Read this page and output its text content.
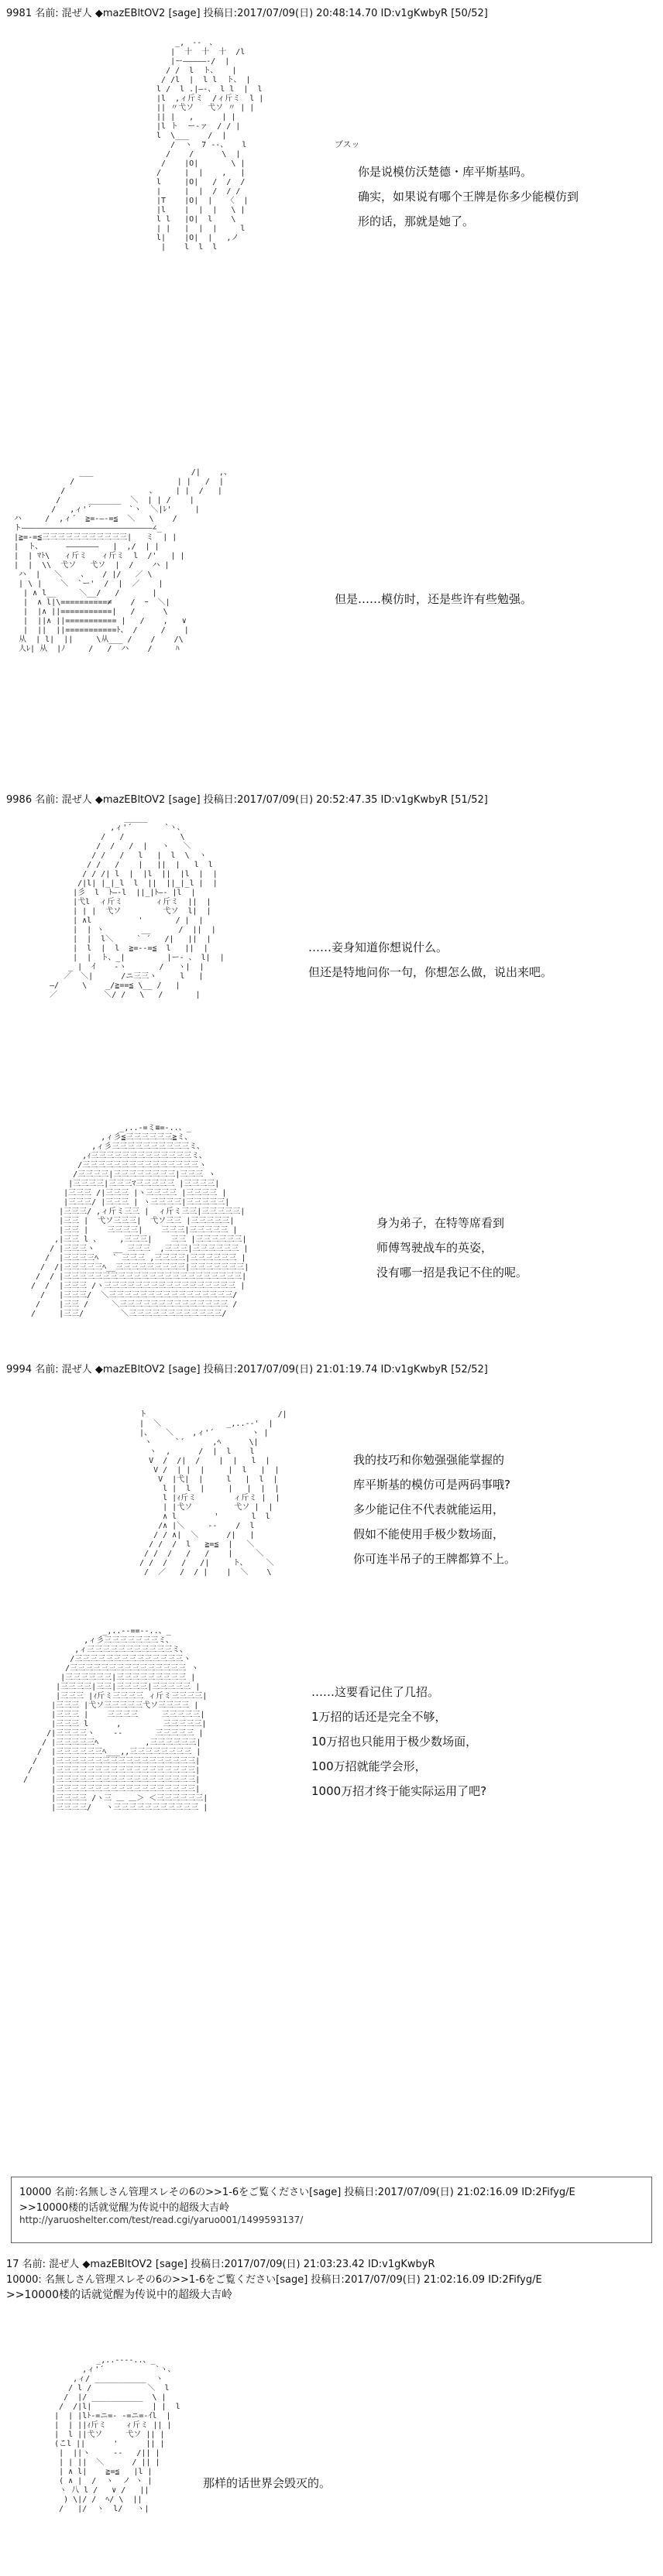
9981 名前: 混ぜ人 ◆mazEBltOV2 [sage] 投稿日:2017/07/09(日) 20:48:14.70 ID:v1gKwbyR [50/52]
_,　--　、
|  十  十  十  /l
|ー―――――‐/  |
/ /  l  ト、   |
/ /l  |  l l  ト、 |
l /  l .|―-、 l l  |  l
|l  ,ィ斤ミ  /ィ斤ミ  l |
|| 〃弋ソ   弋ソ 〃 | |
|| |   ,      | |
|l ト  ー‐ァ  / / |
l  \___    /  |
/  ヽ  7 ‐-、   l
/    /      \  |
/    |O|       \ |
/     |  |    ,   |
l     |O|   /  /  /
|     |  |  /  / /
|T    |O|  |   〈  |
|l    |  |  |   \ |
l l   |O|  l    \
| |   |  |  |     l
l|    |O|  |   ,ノ
|    l  l  l
ブスッ
你是说模仿沃楚德・库平斯基吗。
确实，如果说有哪个王牌是你多少能模仿到
形的话，那就是她了。
___                     /|    ,、
/                      | |   /  |
/                  、    | |  /   |
/      _______  ＼  | | /    |
/   ,ィ'´        `ヽ  ＼|ﾚ'     |
ハ     /  ,ィ´  ≧=-―-=≦  ＼   \    /
ト――――――――――――――――――――――――――――∠_
|≧=-=≦三三三三三三三三三三三|   ミ  | |
|  ト、     ―――――――   |  ,/  | |
|  | ﾏﾄ\   ィ斤ミ   ィ斤ミ  l  /'   | |
|  |  \\  弋ソ   弋ソ  |  /    ハ |
ハ  |   ＼    、   / |/   ／ \
| \ |    ＼  `ー'  /  |  ／    |
| ∧ l__     ＼__/   /       |
|  ∧ l|\==========≠    /  ｰ  ＼|
|  |∧ ||===========|   /      \
|  ||∧ ||=========== |   /    ,   ∨
|  ||  ||===========ﾄ、 /     /    |
从  | l|  ||     \从___ /    /    /\
人ﾚ| 从  |ﾉ     /   /  ハ    /     ﾊ
但是……模仿时，还是些许有些勉强。
9986 名前: 混ぜ人 ◆mazEBltOV2 [sage] 投稿日:2017/07/09(日) 20:52:47.35 ID:v1gKwbyR [51/52]
_____
,ィ'´       `ヽ、
/   /            \
/  /   /  |   ヽ   ＼
/ /   /   l   |  l  \  ヽ
/ /   /    |   ||  |   l  l
/ / /| l  |  |l  ||  |l  |  |
/|l| |_|_l  l  ||  ||_|_l |  |
|彡  l  ﾄ―‐l  ||_|ﾄ―‐ |l  |
|弋l  ィ斤ミ       ィ斤ミ  ||  |
| | |  弋ソ         弋ソ  l|  |
| ∧l          '       / |  |
|  | ヽ        __      /  ||  |
|  |  l＼     ` ´   /|   ||  |
|  l  |  l  ≧=-‐=≦  l   ||  |
|  |  ト、_|         |ー- 、 l|  |
_ |  ｲ    ‐ヽ       /   ヽ|  |
／  ＼|      /ニ三三ヽ     l   |
―/     \    _/≧==≦ \__ /   |
／          ＼/ /   \   /       |
……妾身知道你想说什么。
但还是特地问你一句，你想怎么做，说出来吧。
_,..-=ミ≡=-..、_
,ィ彡≦三三三三三三≧ミ、
,ィ彡三三三三三三三三三三ミ、
,ｨ三三三三三三三三三三三三三ミ、
/三三三三三三三三三三三三三三三ヽ
/三三三三|三三三三三三三三|三三三 ヽ
|三三三三|三三三ﾏ三三三三三 |三三三三|
|三三三 /|三三三 |ヽ三三三三 |三三三三 |
|三三三/ |三三三 | ヽ三三三三|三三三三三|
|三三三/ ,ィ斤ミ三三 |  ィ斤ミ三三|三三三三三|
|三三 |  弋ソ三三三|  弋ソ三三 |三三三三三|
|三三 |    三三三三|    三三三|三三三三三 |
,|三三 l 、    ,三三三|    三三 |三三三三三三|
/ |三三三ヽ    __ 三三三  ,三三三|三三三三三三 |
/  |三三三三ﾍ   ` 三三三 ,三三三三|三三三三三三 |
/  /|三三三三三ﾍ__三三三三三三三三三|三三三三三三三|
/  / |三三三三三三三三三三三三三三三三三三三三三三三|
/  /  |三三三 /ヽ三三三三三三三三三三三三三三三三三 |
/   |三三三/  ＼三三三三三三三三三三三三三三三三/
/    |三三 /     ＼三三三三三三三三三三三三三三 /
/     |三三/        ＼三三三三三三三三三三三三/
身为弟子，在特等席看到
师傅驾驶战车的英姿，
没有哪一招是我记不住的呢。
9994 名前: 混ぜ人 ◆mazEBltOV2 [sage] 投稿日:2017/07/09(日) 21:01:19.74 ID:v1gKwbyR [52/52]
ト                            /|
|  ＼              _,..-‐'  |
|、   ＼    ,ィ'´        ヽ |
ヽ     `´      ,ﾍ      \|
ヽ  ,      /  |  l    l
V  /  /|  /    |  |   l  |
V /  | |  |     |  l   |  |
V  |弋|  |     l   |  l  |
l |  l  |     |   |  |  |
l |ｨ斤ミ        ィ斤ミ |  |
| |弋ソ         弋ソ |  |
∧ l        '       l  l
/∧ |＼     ‐-    /  l
/ / ∧|  ＼      /|   |
/ /  /  l   ≧=≦  |   ＼
/ /  /   /   /    |     ＼
/ /  /   /   /|     ト、    ＼
/  ／   /  / |    |  ＼    \
我的技巧和你勉强强能掌握的
库平斯基的模仿可是两码事哦?
多少能记住不代表就能运用，
假如不能使用手极少数场面，
你可连半吊子的王牌都算不上。
_,..-‐==‐-..、_
,ィ彡三三三三三三三ミ、
,ィ三三三三三三三三三三三ミ、
/三三三三三三三三三三三三三三ヽ
/三三三三三三三三三三三三三三三 ヽ
|三三三三三三|三三三三三三三三三 |
|三三三三|三三|三三三三|三三三三三 |
|三三三 |ｨ斤ミ三三三三 ィ斤ミ三三三三|
|三三三 |弋ソ三三三三三弋ソ三三三三 |
|三三三 |    三三三三     三三三三三|
|三三三 l      ,         三三三三三|
/|三三三三ヽ    ‐-       三三三三三 |
/ |三三三三三ﾍ          ,三三三三三三|
/  |三三三三三三ﾍ___,,三三三三三三三三 |
/   |三三三三三三三三三三三三三三三三三三|
/    |三三三三三三三三三三三三三三三三三三|
/     |三三三三三三三三三三三三三三三三三三|
|三三三三三三三三三三三三三三三三三三|
|三三三三 /ヽ三 ＿ ＿＞ ＜三三三三三三|
|三三三三/   ヽ三三三三三三三三三三三 |
……这要看记住了几招。
1万招的话还是完全不够，
10万招也只能用于极少数场面，
100万招就能学会形，
1000万招才终于能实际运用了吧?
10000 名前:名無しさん管理スレその6の>>1-6をご覧ください[sage] 投稿日:2017/07/09(日) 21:02:16.09 ID:2Fifyg/E
>>10000楼的话就觉醒为传说中的超级大吉岭
http://yaruoshelter.com/test/read.cgi/yaruo001/1499593137/
17 名前: 混ぜ人 ◆mazEBltOV2 [sage] 投稿日:2017/07/09(日) 21:03:23.42 ID:v1gKwbyR
10000: 名無しさん管理スレその6の>>1-6をご覧ください[sage] 投稿日:2017/07/09(日) 21:02:16.09 ID:2Fifyg/E
>>10000楼的话就觉醒为传说中的超级大吉岭
_,..-‐‐-..、_
,ィ'´           `ヽ、
,ィ/ ___________  ヽ
/ l /            ＼  l
/  |/ ___________  \ |
/  /|l|             | |  l
|  | |lﾄ-=ニ=- -=ニ=-ｲl  |
|  | ||ｨ斤ミ    ィ斤ミ || |
|  l ||弋ソ     弋ソ || |
(こl ||      '      || |
|  ||ヽ     ‐‐   /|| |
| | ||  ＼      / || |
| ∧ l|    ≧=≦   |l |
( ∧ |  /  ヽ  ノ ヽ |
ヽ 八 l /   ∨ /   ||
) \|/ /  ﾍ/ \  ||
/   |/  ヽ  l/   ヽ|
那样的话世界会毁灭的。
